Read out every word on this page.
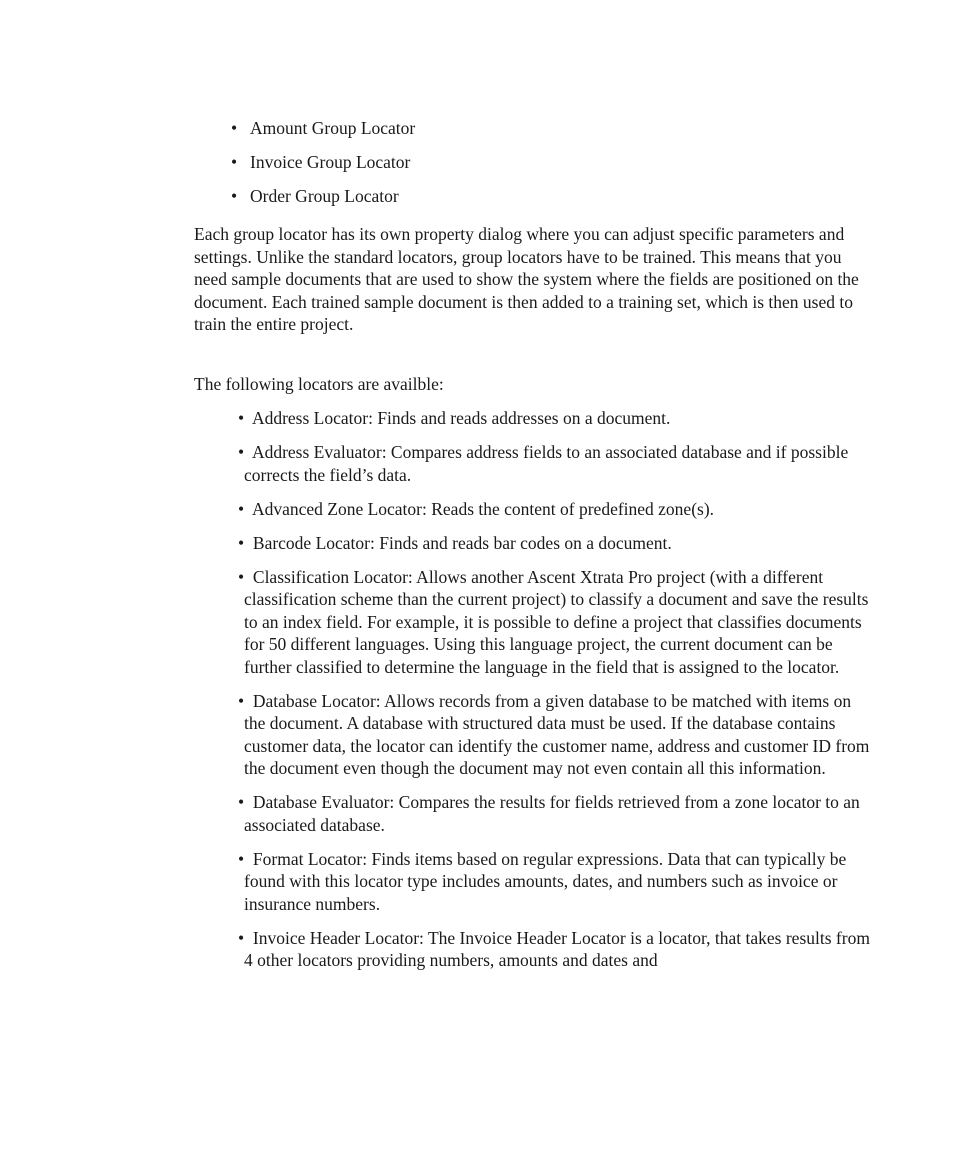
• Amount Group Locator
• Invoice Group Locator
• Order Group Locator

Each group locator has its own property dialog where you can adjust specific parameters and settings. Unlike the standard locators, group locators have to be trained. This means that you need sample documents that are used to show the system where the fields are positioned on the document. Each trained sample document is then added to a training set, which is then used to train the entire project.

The following locators are availble:

• Address Locator: Finds and reads addresses on a document.
• Address Evaluator: Compares address fields to an associated database and if possible corrects the field’s data.
• Advanced Zone Locator: Reads the content of predefined zone(s).
• Barcode Locator: Finds and reads bar codes on a document.
• Classification Locator: Allows another Ascent Xtrata Pro project (with a different classification scheme than the current project) to classify a document and save the results to an index field. For example, it is possible to define a project that classifies documents for 50 different languages. Using this language project, the current document can be further classified to determine the language in the field that is assigned to the locator.
• Database Locator: Allows records from a given database to be matched with items on the document. A database with structured data must be used. If the database contains customer data, the locator can identify the customer name, address and customer ID from the document even though the document may not even contain all this information.
• Database Evaluator: Compares the results for fields retrieved from a zone locator to an associated database.
• Format Locator: Finds items based on regular expressions. Data that can typically be found with this locator type includes amounts, dates, and numbers such as invoice or insurance numbers.
• Invoice Header Locator: The Invoice Header Locator is a locator, that takes results from 4 other locators providing numbers, amounts and dates and
